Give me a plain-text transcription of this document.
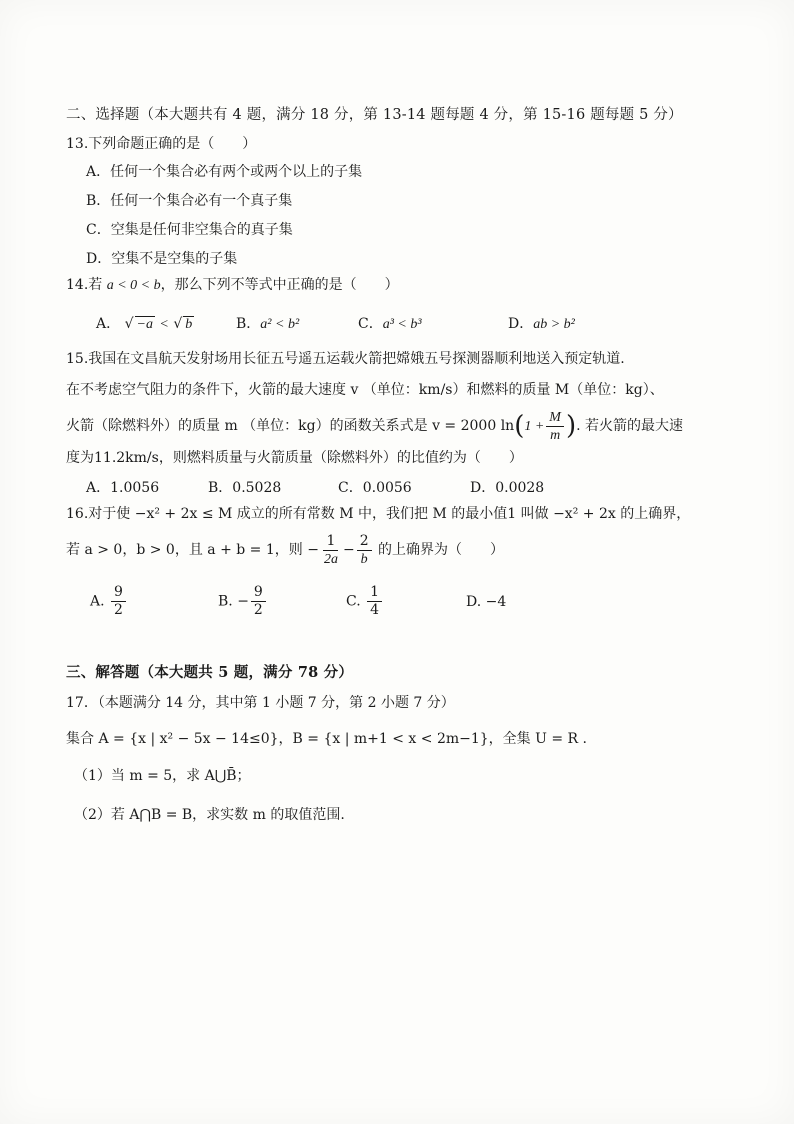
二、选择题（本大题共有 4 题，满分 18 分，第 13-14 题每题 4 分，第 15-16 题每题 5 分）
13.下列命题正确的是（　　）
A．任何一个集合必有两个或两个以上的子集
B．任何一个集合必有一个真子集
C．空集是任何非空集合的真子集
D．空集不是空集的子集
14.若 a < 0 < b，那么下列不等式中正确的是（　　）
A． √ −a < √ b	B．a² < b²	C．a³ < b³	D．ab > b²
15.我国在文昌航天发射场用长征五号遥五运载火箭把嫦娥五号探测器顺利地送入预定轨道.
在不考虑空气阻力的条件下，火箭的最大速度 v （单位：km/s）和燃料的质量 M（单位：kg）、
火箭（除燃料外）的质量 m （单位：kg）的函数关系式是 v = 2000 $\ln(1 + \frac{M}{m}$ ). 若火箭的最大速
度为11.2km/s，则燃料质量与火箭质量（除燃料外）的比值约为（　　）
A．1.0056	B．0.5028	C．0.0056	D．0.0028
16.对于使 −x² + 2x ≤ M 成立的所有常数 M 中，我们把 M 的最小值1 叫做 −x² + 2x 的上确界，
若 a > 0，b > 0，且 a + b = 1，则 − $\frac{1}{2a} - \frac{2}{b}$ 的上确界为（　　）
A. $\frac{9}{2}$	B. − $\frac{9}{2}$	C. $\frac{1}{4}$	D. −4
三、解答题（本大题共 5 题，满分 78 分）
17．（本题满分 14 分，其中第 1 小题 7 分，第 2 小题 7 分）
集合 A = {x | x² − 5x − 14≤0}，B = {x | m+1 < x < 2m−1}，全集 U = R .
（1）当 m = 5，求 A⋃B̄；
（2）若 A⋂B = B，求实数 m 的取值范围.
